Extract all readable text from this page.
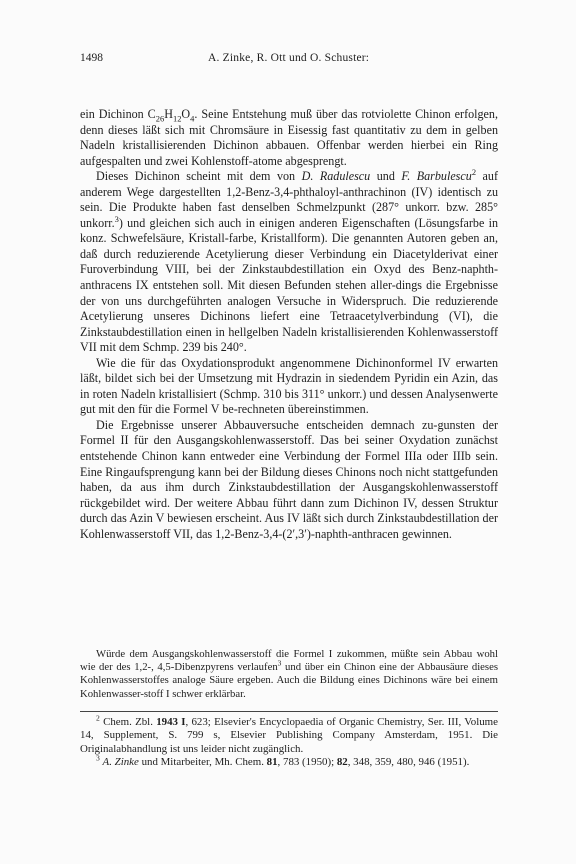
1498	A. Zinke, R. Ott und O. Schuster:

ein Dichinon $C_{26}H_{12}O_4$. Seine Entstehung muß über das rotviolette Chinon erfolgen, denn dieses läßt sich mit Chromsäure in Eisessig fast quantitativ zu dem in gelben Nadeln kristallisierenden Dichinon abbauen. Offenbar werden hierbei ein Ring aufgespalten und zwei Kohlenstoff-atome abgesprengt.

Dieses Dichinon scheint mit dem von D. Radulescu und F. Barbulescu$^2$ auf anderem Wege dargestellten 1,2-Benz-3,4-phthaloyl-anthrachinon (IV) identisch zu sein. Die Produkte haben fast denselben Schmelzpunkt (287° unkorr. bzw. 285° unkorr.$^3$) und gleichen sich auch in einigen anderen Eigenschaften (Lösungsfarbe in konz. Schwefelsäure, Kristall-farbe, Kristallform). Die genannten Autoren geben an, daß durch reduzierende Acetylierung dieser Verbindung ein Diacetylderivat einer Furoverbindung VIII, bei der Zinkstaubdestillation ein Oxyd des Benz-naphth-anthracens IX entstehen soll. Mit diesen Befunden stehen aller-dings die Ergebnisse der von uns durchgeführten analogen Versuche in Widerspruch. Die reduzierende Acetylierung unseres Dichinons liefert eine Tetraacetylverbindung (VI), die Zinkstaubdestillation einen in hellgelben Nadeln kristallisierenden Kohlenwasserstoff VII mit dem Schmp. 239 bis 240°.

Wie die für das Oxydationsprodukt angenommene Dichinonformel IV erwarten läßt, bildet sich bei der Umsetzung mit Hydrazin in siedendem Pyridin ein Azin, das in roten Nadeln kristallisiert (Schmp. 310 bis 311° unkorr.) und dessen Analysenwerte gut mit den für die Formel V be-rechneten übereinstimmen.

Die Ergebnisse unserer Abbauversuche entscheiden demnach zu-gunsten der Formel II für den Ausgangskohlenwasserstoff. Das bei seiner Oxydation zunächst entstehende Chinon kann entweder eine Verbindung der Formel IIIa oder IIIb sein. Eine Ringaufsprengung kann bei der Bildung dieses Chinons noch nicht stattgefunden haben, da aus ihm durch Zinkstaubdestillation der Ausgangskohlenwasserstoff rückgebildet wird. Der weitere Abbau führt dann zum Dichinon IV, dessen Struktur durch das Azin V bewiesen erscheint. Aus IV läßt sich durch Zinkstaubdestillation der Kohlenwasserstoff VII, das 1,2-Benz-3,4-(2′,3′)-naphth-anthracen gewinnen.

Würde dem Ausgangskohlenwasserstoff die Formel I zukommen, müßte sein Abbau wohl wie der des 1,2-, 4,5-Dibenzpyrens verlaufen$^3$ und über ein Chinon eine der Abbausäure dieses Kohlenwasserstoffes analoge Säure ergeben. Auch die Bildung eines Dichinons wäre bei einem Kohlenwasser-stoff I schwer erklärbar.

$^2$ Chem. Zbl. 1943 I, 623; Elsevier's Encyclopaedia of Organic Chemistry, Ser. III, Volume 14, Supplement, S. 799 s, Elsevier Publishing Company Amsterdam, 1951. Die Originalabhandlung ist uns leider nicht zugänglich.

$^3$ A. Zinke und Mitarbeiter, Mh. Chem. 81, 783 (1950); 82, 348, 359, 480, 946 (1951).
